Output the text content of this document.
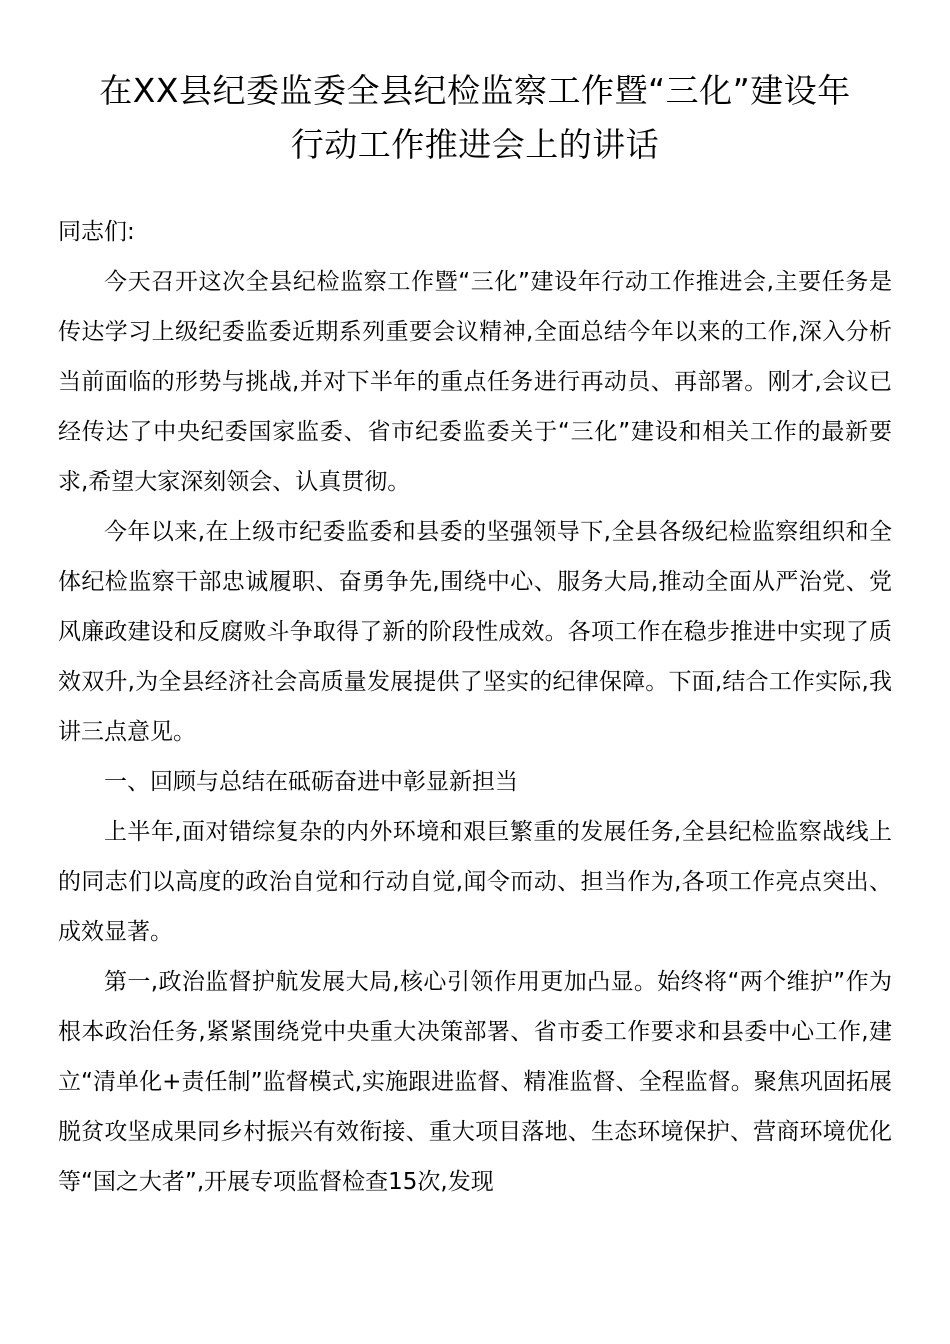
在XX县纪委监委全县纪检监察工作暨“三化”建设年
行动工作推进会上的讲话

同志们:

今天召开这次全县纪检监察工作暨“三化”建设年行动工作推进会,主要任务是传达学习上级纪委监委近期系列重要会议精神,全面总结今年以来的工作,深入分析当前面临的形势与挑战,并对下半年的重点任务进行再动员、再部署。刚才,会议已经传达了中央纪委国家监委、省市纪委监委关于“三化”建设和相关工作的最新要求,希望大家深刻领会、认真贯彻。

今年以来,在上级市纪委监委和县委的坚强领导下,全县各级纪检监察组织和全体纪检监察干部忠诚履职、奋勇争先,围绕中心、服务大局,推动全面从严治党、党风廉政建设和反腐败斗争取得了新的阶段性成效。各项工作在稳步推进中实现了质效双升,为全县经济社会高质量发展提供了坚实的纪律保障。下面,结合工作实际,我讲三点意见。

一、回顾与总结在砥砺奋进中彰显新担当

上半年,面对错综复杂的内外环境和艰巨繁重的发展任务,全县纪检监察战线上的同志们以高度的政治自觉和行动自觉,闻令而动、担当作为,各项工作亮点突出、成效显著。

第一,政治监督护航发展大局,核心引领作用更加凸显。始终将“两个维护”作为根本政治任务,紧紧围绕党中央重大决策部署、省市委工作要求和县委中心工作,建立“清单化+责任制”监督模式,实施跟进监督、精准监督、全程监督。聚焦巩固拓展脱贫攻坚成果同乡村振兴有效衔接、重大项目落地、生态环境保护、营商环境优化等“国之大者”,开展专项监督检查15次,发现
